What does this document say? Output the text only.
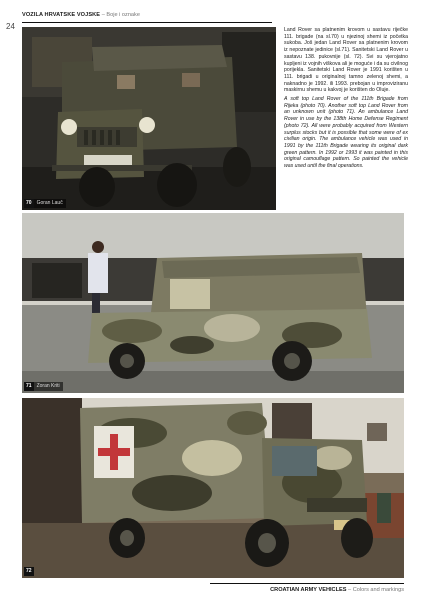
24
VOZILA HRVATSKE VOJSKE – Boje i oznake
70	Goran Lauč

Land Rover sa platnenim krovom u sastavu riječke 111. brigade (na sl.70) u njezinoj shemi iz početka sukoba. Još jedan Land Rover sa platnenim krovom iz nepoznate jedinice (sl.71). Sanitetski Land Rover u sastavu 138. pukovnije (sl. 72). Svi su vjerojatno kupljeni iz vojnih viškova ali je moguće i da su civilnog porijekla. Sanitetski Land Rover je 1991 korišten u 111. brigadi u originalnoj tamno zelenoj shemi, a naknadno je 1992. ili 1993. prebojan u improviziranu maskirnu shemu u kakvoj je korišten do Oluje.

A soft top Land Rover of the 111th Brigade from Rijeka (photo 70). Another soft top Land Rover from an unknown unit (photo 71). An ambulance Land Rover in use by the 138th Home Defense Regiment (photo 72). All were probably acquired from Western surplus stocks but it is possible that some were of ex civilian origin. The ambulance vehicle was used in 1991 by the 111th Brigade wearing its original dark green pattern. In 1992 or 1993 it was painted in this original camouflage pattern. So painted the vehicle was used until the final operations.

71	Zoran Kriti
72
CROATIAN ARMY VEHICLES – Colors and markings
